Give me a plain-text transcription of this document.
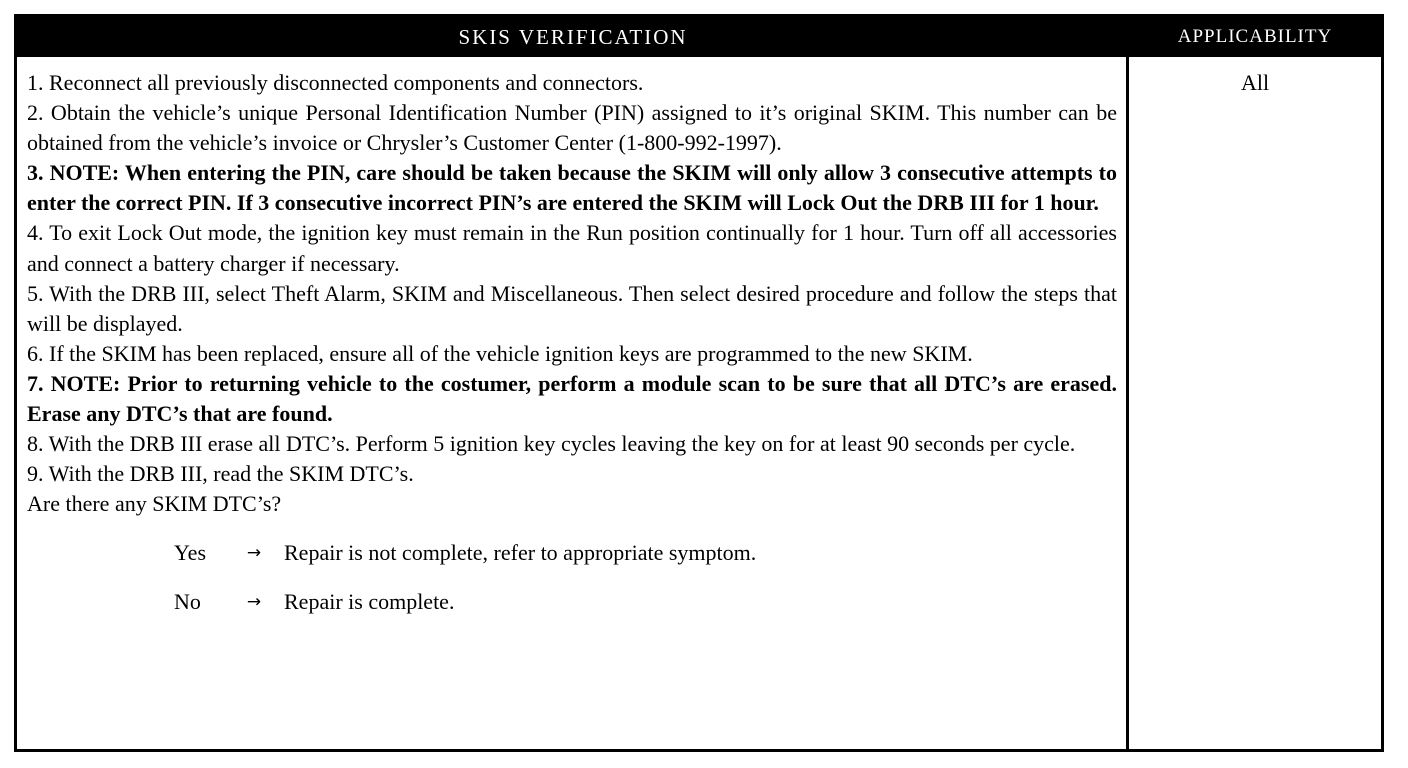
SKIS VERIFICATION	APPLICABILITY

1. Reconnect all previously disconnected components and connectors.

2. Obtain the vehicle’s unique Personal Identification Number (PIN) assigned to it’s original SKIM. This number can be obtained from the vehicle’s invoice or Chrysler’s Customer Center (1-800-992-1997).

3. NOTE: When entering the PIN, care should be taken because the SKIM will only allow 3 consecutive attempts to enter the correct PIN. If 3 consecutive incorrect PIN’s are entered the SKIM will Lock Out the DRB III for 1 hour.

4. To exit Lock Out mode, the ignition key must remain in the Run position continually for 1 hour. Turn off all accessories and connect a battery charger if necessary.

5. With the DRB III, select Theft Alarm, SKIM and Miscellaneous. Then select desired procedure and follow the steps that will be displayed.

6. If the SKIM has been replaced, ensure all of the vehicle ignition keys are programmed to the new SKIM.

7. NOTE: Prior to returning vehicle to the costumer, perform a module scan to be sure that all DTC’s are erased. Erase any DTC’s that are found.

8. With the DRB III erase all DTC’s. Perform 5 ignition key cycles leaving the key on for at least 90 seconds per cycle.

9. With the DRB III, read the SKIM DTC’s.

Are there any SKIM DTC’s?

Yes	→	Repair is not complete, refer to appropriate symptom.
No	→	Repair is complete.
All
